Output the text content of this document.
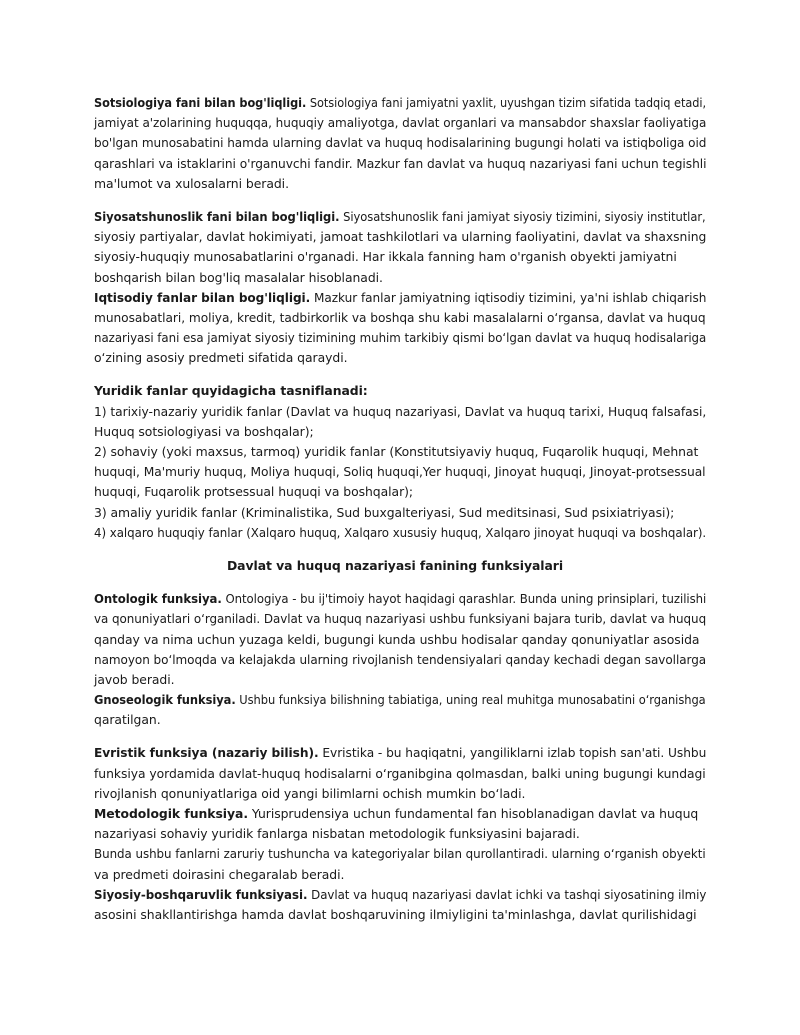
Sotsiologiya fani bilan bog'liqligi. Sotsiologiya fani jamiyatni yaxlit, uyushgan tizim sifatida tadqiq etadi,
jamiyat a'zolarining huquqqa, huquqiy amaliyotga, davlat organlari va mansabdor shaxslar faoliyatiga
bo'lgan munosabatini hamda ularning davlat va huquq hodisalarining bugungi holati va istiqboliga oid
qarashlari va istaklarini o'rganuvchi fandir. Mazkur fan davlat va huquq nazariyasi fani uchun tegishli
ma'lumot va xulosalarni beradi.
Siyosatshunoslik fani bilan bog'liqligi. Siyosatshunoslik fani jamiyat siyosiy tizimini, siyosiy institutlar,
siyosiy partiyalar, davlat hokimiyati, jamoat tashkilotlari va ularning faoliyatini, davlat va shaxsning
siyosiy-huquqiy munosabatlarini o'rganadi. Har ikkala fanning ham o'rganish obyekti jamiyatni
boshqarish bilan bog'liq masalalar hisoblanadi.
Iqtisodiy fanlar bilan bog'liqligi. Mazkur fanlar jamiyatning iqtisodiy tizimini, ya'ni ishlab chiqarish
munosabatlari, moliya, kredit, tadbirkorlik va boshqa shu kabi masalalarni o‘rgansa, davlat va huquq
nazariyasi fani esa jamiyat siyosiy tizimining muhim tarkibiy qismi bo‘lgan davlat va huquq hodisalariga
o‘zining asosiy predmeti sifatida qaraydi.
Yuridik fanlar quyidagicha tasniflanadi:
1) tarixiy-nazariy yuridik fanlar (Davlat va huquq nazariyasi, Davlat va huquq tarixi, Huquq falsafasi,
Huquq sotsiologiyasi va boshqalar);
2) sohaviy (yoki maxsus, tarmoq) yuridik fanlar (Konstitutsiyaviy huquq, Fuqarolik huquqi, Mehnat
huquqi, Ma'muriy huquq, Moliya huquqi, Soliq huquqi,Yer huquqi, Jinoyat huquqi, Jinoyat-protsessual
huquqi, Fuqarolik protsessual huquqi va boshqalar);
3) amaliy yuridik fanlar (Kriminalistika, Sud buxgalteriyasi, Sud meditsinasi, Sud psixiatriyasi);
4) xalqaro huquqiy fanlar (Xalqaro huquq, Xalqaro xususiy huquq, Xalqaro jinoyat huquqi va boshqalar).
Davlat va huquq nazariyasi fanining funksiyalari
Ontologik funksiya. Ontologiya - bu ij'timoiy hayot haqidagi qarashlar. Bunda uning prinsiplari, tuzilishi
va qonuniyatlari o‘rganiladi. Davlat va huquq nazariyasi ushbu funksiyani bajara turib, davlat va huquq
qanday va nima uchun yuzaga keldi, bugungi kunda ushbu hodisalar qanday qonuniyatlar asosida
namoyon bo‘lmoqda va kelajakda ularning rivojlanish tendensiyalari qanday kechadi degan savollarga
javob beradi.
Gnoseologik funksiya. Ushbu funksiya bilishning tabiatiga, uning real muhitga munosabatini o‘rganishga
qaratilgan.
Evristik funksiya (nazariy bilish). Evristika - bu haqiqatni, yangiliklarni izlab topish san'ati. Ushbu
funksiya yordamida davlat-huquq hodisalarni o‘rganibgina qolmasdan, balki uning bugungi kundagi
rivojlanish qonuniyatlariga oid yangi bilimlarni ochish mumkin bo‘ladi.
Metodologik funksiya. Yurisprudensiya uchun fundamental fan hisoblanadigan davlat va huquq
nazariyasi sohaviy yuridik fanlarga nisbatan metodologik funksiyasini bajaradi.
Bunda ushbu fanlarni zaruriy tushuncha va kategoriyalar bilan qurollantiradi. ularning o‘rganish obyekti
va predmeti doirasini chegaralab beradi.
Siyosiy-boshqaruvlik funksiyasi. Davlat va huquq nazariyasi davlat ichki va tashqi siyosatining ilmiy
asosini shakllantirishga hamda davlat boshqaruvining ilmiyligini ta'minlashga, davlat qurilishidagi
